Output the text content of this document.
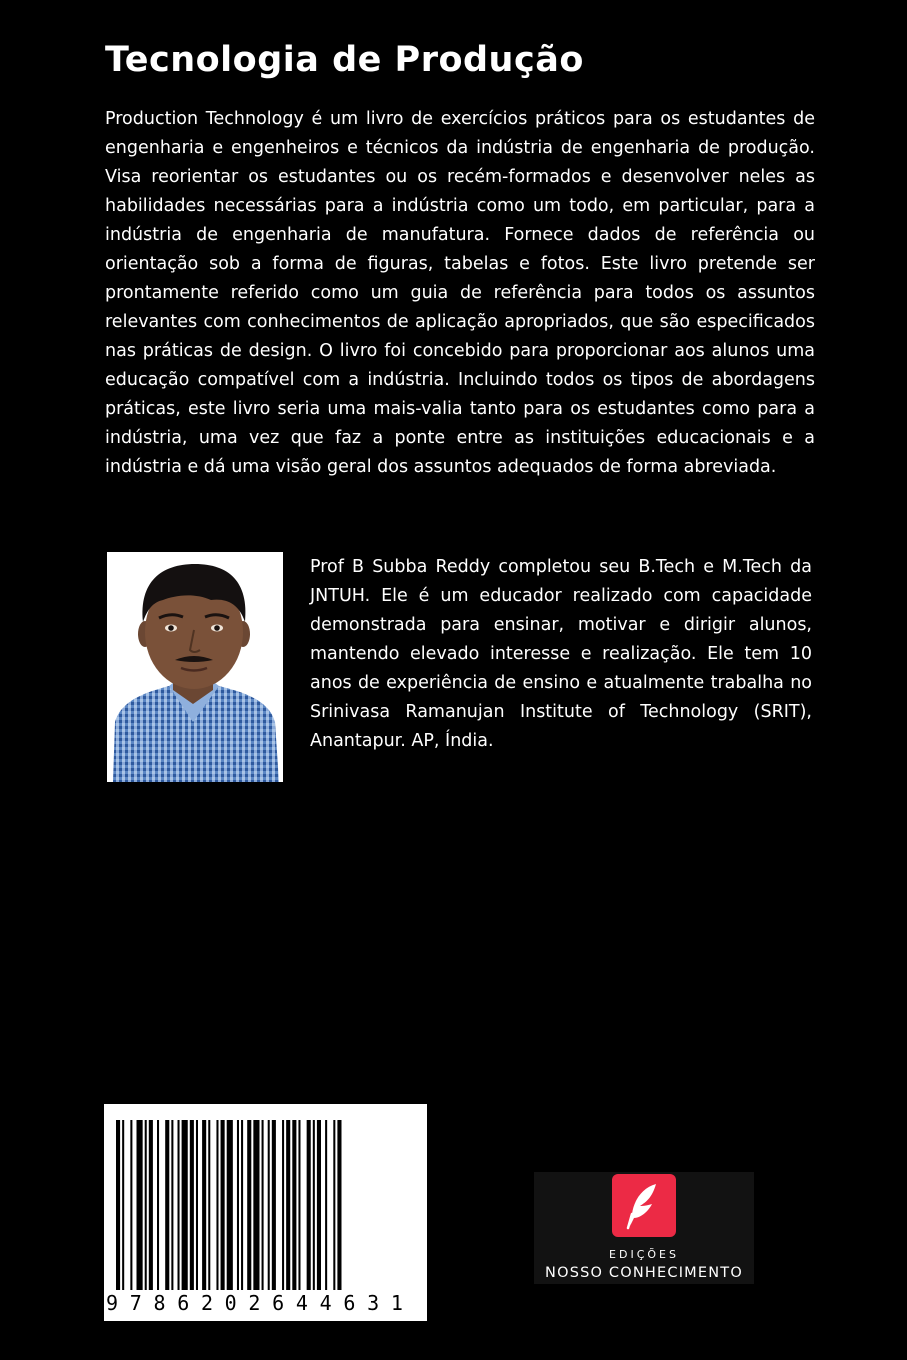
Tecnologia de Produção

Production Technology é um livro de exercícios práticos para os estudantes de engenharia e engenheiros e técnicos da indústria de engenharia de produção. Visa reorientar os estudantes ou os recém-formados e desenvolver neles as habilidades necessárias para a indústria como um todo, em particular, para a indústria de engenharia de manufatura. Fornece dados de referência ou orientação sob a forma de figuras, tabelas e fotos. Este livro pretende ser prontamente referido como um guia de referência para todos os assuntos relevantes com conhecimentos de aplicação apropriados, que são especificados nas práticas de design. O livro foi concebido para proporcionar aos alunos uma educação compatível com a indústria. Incluindo todos os tipos de abordagens práticas, este livro seria uma mais-valia tanto para os estudantes como para a indústria, uma vez que faz a ponte entre as instituições educacionais e a indústria e dá uma visão geral dos assuntos adequados de forma abreviada.

Prof B Subba Reddy completou seu B.Tech e M.Tech da JNTUH. Ele é um educador realizado com capacidade demonstrada para ensinar, motivar e dirigir alunos, mantendo elevado interesse e realização. Ele tem 10 anos de experiência de ensino e atualmente trabalha no Srinivasa Ramanujan Institute of Technology (SRIT), Anantapur. AP, Índia.

9 7 8 6 2 0 2 6 4 4 6 3 1
EDIÇÕES
NOSSO CONHECIMENTO
